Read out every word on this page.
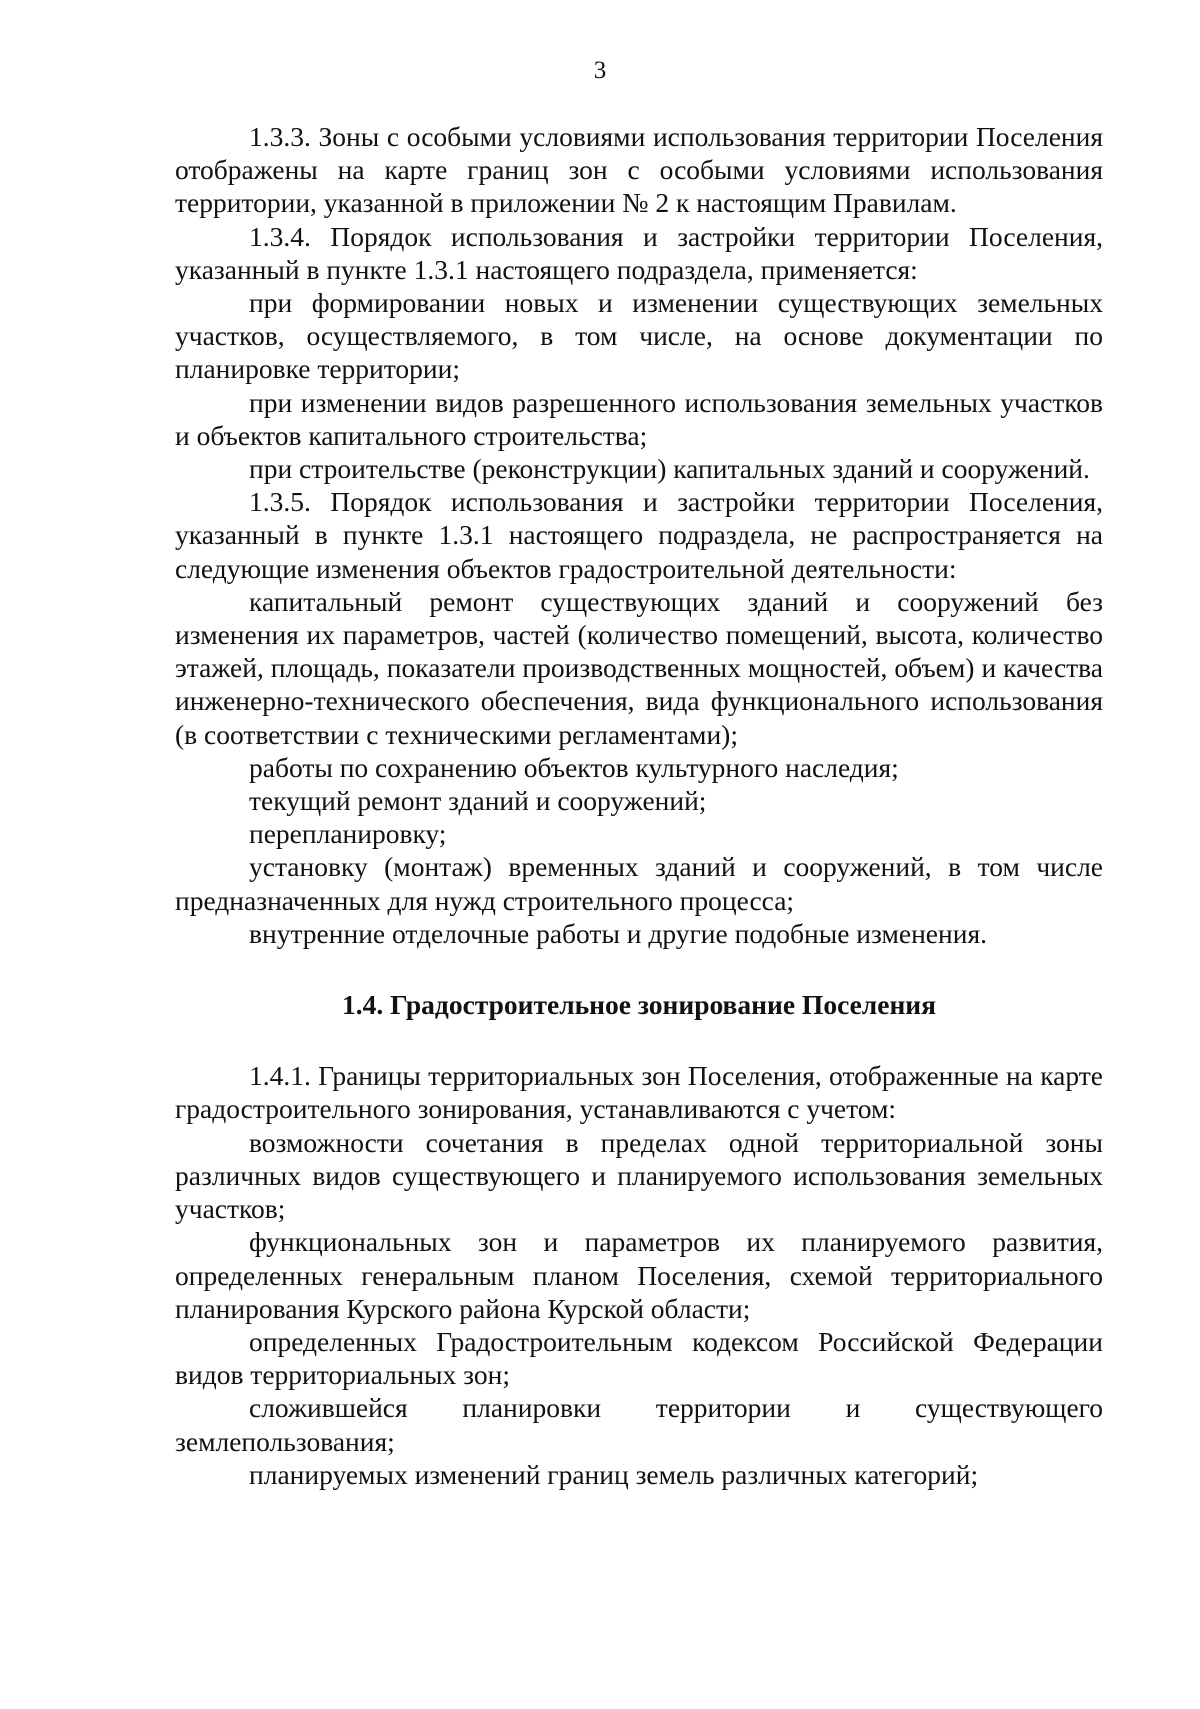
3

1.3.3. Зоны с особыми условиями использования территории Поселения отображены на карте границ зон с особыми условиями использования территории, указанной в приложении № 2 к настоящим Правилам.

1.3.4. Порядок использования и застройки территории Поселения, указанный в пункте 1.3.1 настоящего подраздела, применяется:

при формировании новых и изменении существующих земельных участков, осуществляемого, в том числе, на основе документации по планировке территории;

при изменении видов разрешенного использования земельных участков и объектов капитального строительства;

при строительстве (реконструкции) капитальных зданий и сооружений.

1.3.5. Порядок использования и застройки территории Поселения, указанный в пункте 1.3.1 настоящего подраздела, не распространяется на следующие изменения объектов градостроительной деятельности:

капитальный ремонт существующих зданий и сооружений без изменения их параметров, частей (количество помещений, высота, количество этажей, площадь, показатели производственных мощностей, объем) и качества инженерно-технического обеспечения, вида функционального использования (в соответствии с техническими регламентами);

работы по сохранению объектов культурного наследия;

текущий ремонт зданий и сооружений;

перепланировку;

установку (монтаж) временных зданий и сооружений, в том числе предназначенных для нужд строительного процесса;

внутренние отделочные работы и другие подобные изменения.

1.4. Градостроительное зонирование Поселения

1.4.1. Границы территориальных зон Поселения, отображенные на карте градостроительного зонирования, устанавливаются с учетом:

возможности сочетания в пределах одной территориальной зоны различных видов существующего и планируемого использования земельных участков;

функциональных зон и параметров их планируемого развития, определенных генеральным планом Поселения, схемой территориального планирования Курского района Курской области;

определенных Градостроительным кодексом Российской Федерации видов территориальных зон;

сложившейся планировки территории и существующего землепользования;

планируемых изменений границ земель различных категорий;
